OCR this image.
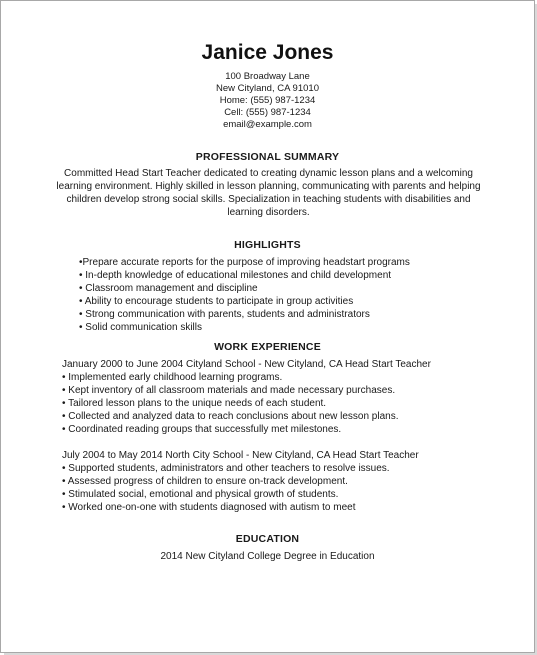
Janice Jones
100 Broadway Lane
New Cityland, CA 91010
Home: (555) 987-1234
Cell: (555) 987-1234
email@example.com
PROFESSIONAL SUMMARY
Committed Head Start Teacher dedicated to creating dynamic lesson plans and a welcoming learning environment. Highly skilled in lesson planning, communicating with parents and helping children develop strong social skills. Specialization in teaching students with disabilities and learning disorders.
HIGHLIGHTS
•Prepare accurate reports for the purpose of improving headstart programs
• In-depth knowledge of educational milestones and child development
• Classroom management and discipline
• Ability to encourage students to participate in group activities
• Strong communication with parents, students and administrators
• Solid communication skills
WORK EXPERIENCE
January 2000 to June 2004 Cityland School - New Cityland, CA Head Start Teacher
• Implemented early childhood learning programs.
• Kept inventory of all classroom materials and made necessary purchases.
• Tailored lesson plans to the unique needs of each student.
• Collected and analyzed data to reach conclusions about new lesson plans.
• Coordinated reading groups that successfully met milestones.
July 2004 to May 2014 North City School - New Cityland, CA Head Start Teacher
• Supported students, administrators and other teachers to resolve issues.
• Assessed progress of children to ensure on-track development.
• Stimulated social, emotional and physical growth of students.
• Worked one-on-one with students diagnosed with autism to meet
EDUCATION
2014 New Cityland College Degree in Education
